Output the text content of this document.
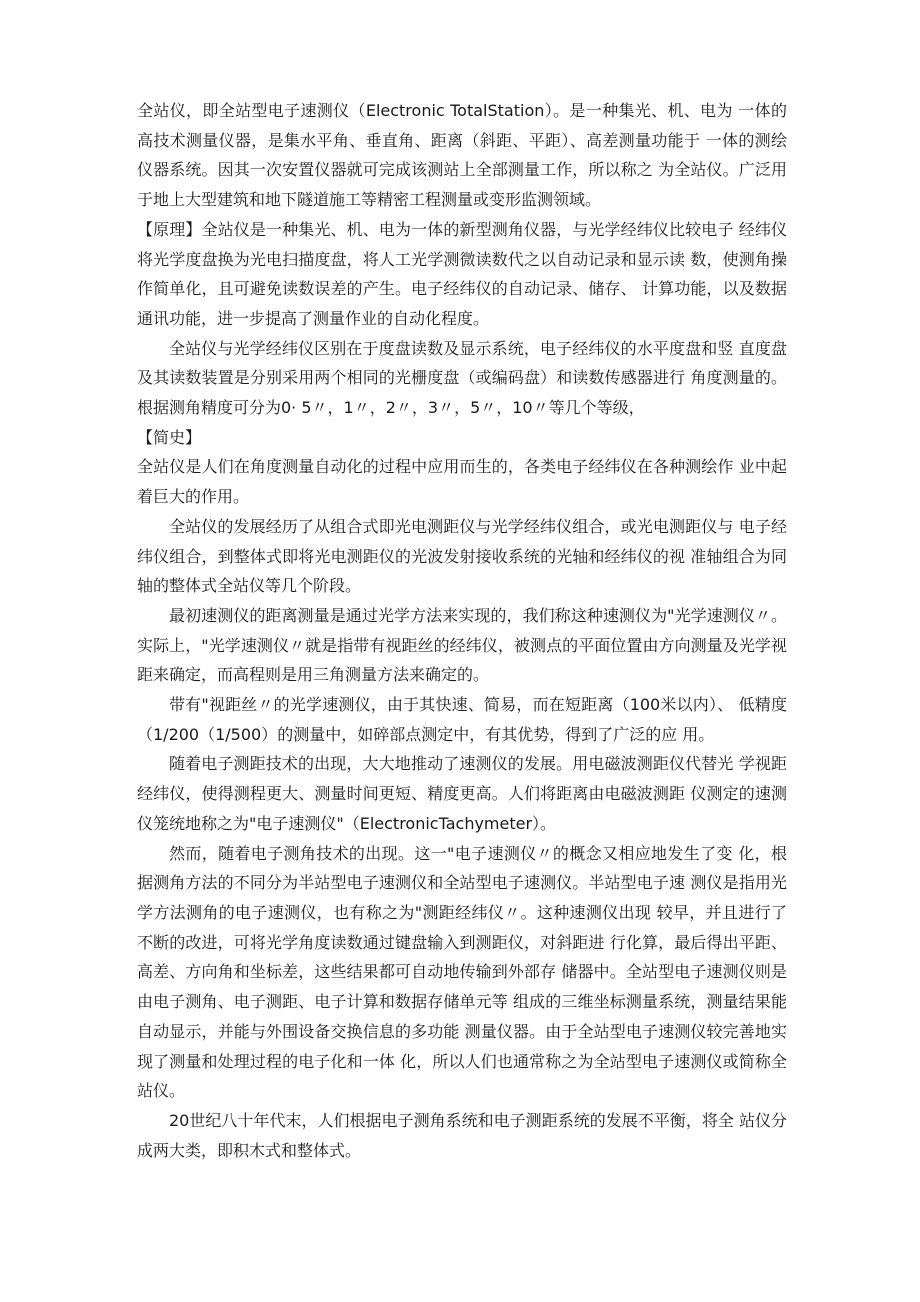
全站仪，即全站型电子速测仪（Electronic TotalStation）。是一种集光、机、电为 一体的高技术测量仪器，是集水平角、垂直角、距离（斜距、平距）、高差测量功能于 一体的测绘仪器系统。因其一次安置仪器就可完成该测站上全部测量工作，所以称之 为全站仪。广泛用于地上大型建筑和地下隧道施工等精密工程测量或变形监测领域。

【原理】全站仪是一种集光、机、电为一体的新型测角仪器，与光学经纬仪比较电子 经纬仪将光学度盘换为光电扫描度盘，将人工光学测微读数代之以自动记录和显示读 数，使测角操作简单化，且可避免读数误差的产生。电子经纬仪的自动记录、储存、 计算功能，以及数据通讯功能，进一步提高了测量作业的自动化程度。

全站仪与光学经纬仪区别在于度盘读数及显示系统，电子经纬仪的水平度盘和竖 直度盘及其读数装置是分别采用两个相同的光栅度盘（或编码盘）和读数传感器进行 角度测量的。根据测角精度可分为0· 5〃，1〃，2〃，3〃，5〃，10〃等几个等级，

【简史】

全站仪是人们在角度测量自动化的过程中应用而生的，各类电子经纬仪在各种测绘作 业中起着巨大的作用。

全站仪的发展经历了从组合式即光电测距仪与光学经纬仪组合，或光电测距仪与 电子经纬仪组合，到整体式即将光电测距仪的光波发射接收系统的光轴和经纬仪的视 准轴组合为同轴的整体式全站仪等几个阶段。

最初速测仪的距离测量是通过光学方法来实现的，我们称这种速测仪为"光学速测仪〃。实际上，"光学速测仪〃就是指带有视距丝的经纬仪，被测点的平面位置由方向测量及光学视距来确定，而高程则是用三角测量方法来确定的。

带有"视距丝〃的光学速测仪，由于其快速、简易，而在短距离（100米以内）、 低精度（1/200（1/500）的测量中，如碎部点测定中，有其优势，得到了广泛的应 用。

随着电子测距技术的出现，大大地推动了速测仪的发展。用电磁波测距仪代替光 学视距经纬仪，使得测程更大、测量时间更短、精度更高。人们将距离由电磁波测距 仪测定的速测仪笼统地称之为"电子速测仪"（ElectronicTachymeter）。

然而，随着电子测角技术的出现。这一"电子速测仪〃的概念又相应地发生了变 化，根据测角方法的不同分为半站型电子速测仪和全站型电子速测仪。半站型电子速 测仪是指用光学方法测角的电子速测仪，也有称之为"测距经纬仪〃。这种速测仪出现 较早，并且进行了不断的改进，可将光学角度读数通过键盘输入到测距仪，对斜距进 行化算，最后得出平距、高差、方向角和坐标差，这些结果都可自动地传输到外部存 储器中。全站型电子速测仪则是由电子测角、电子测距、电子计算和数据存储单元等 组成的三维坐标测量系统，测量结果能自动显示，并能与外围设备交换信息的多功能 测量仪器。由于全站型电子速测仪较完善地实现了测量和处理过程的电子化和一体 化，所以人们也通常称之为全站型电子速测仪或简称全站仪。

20世纪八十年代末，人们根据电子测角系统和电子测距系统的发展不平衡，将全 站仪分成两大类，即积木式和整体式。
